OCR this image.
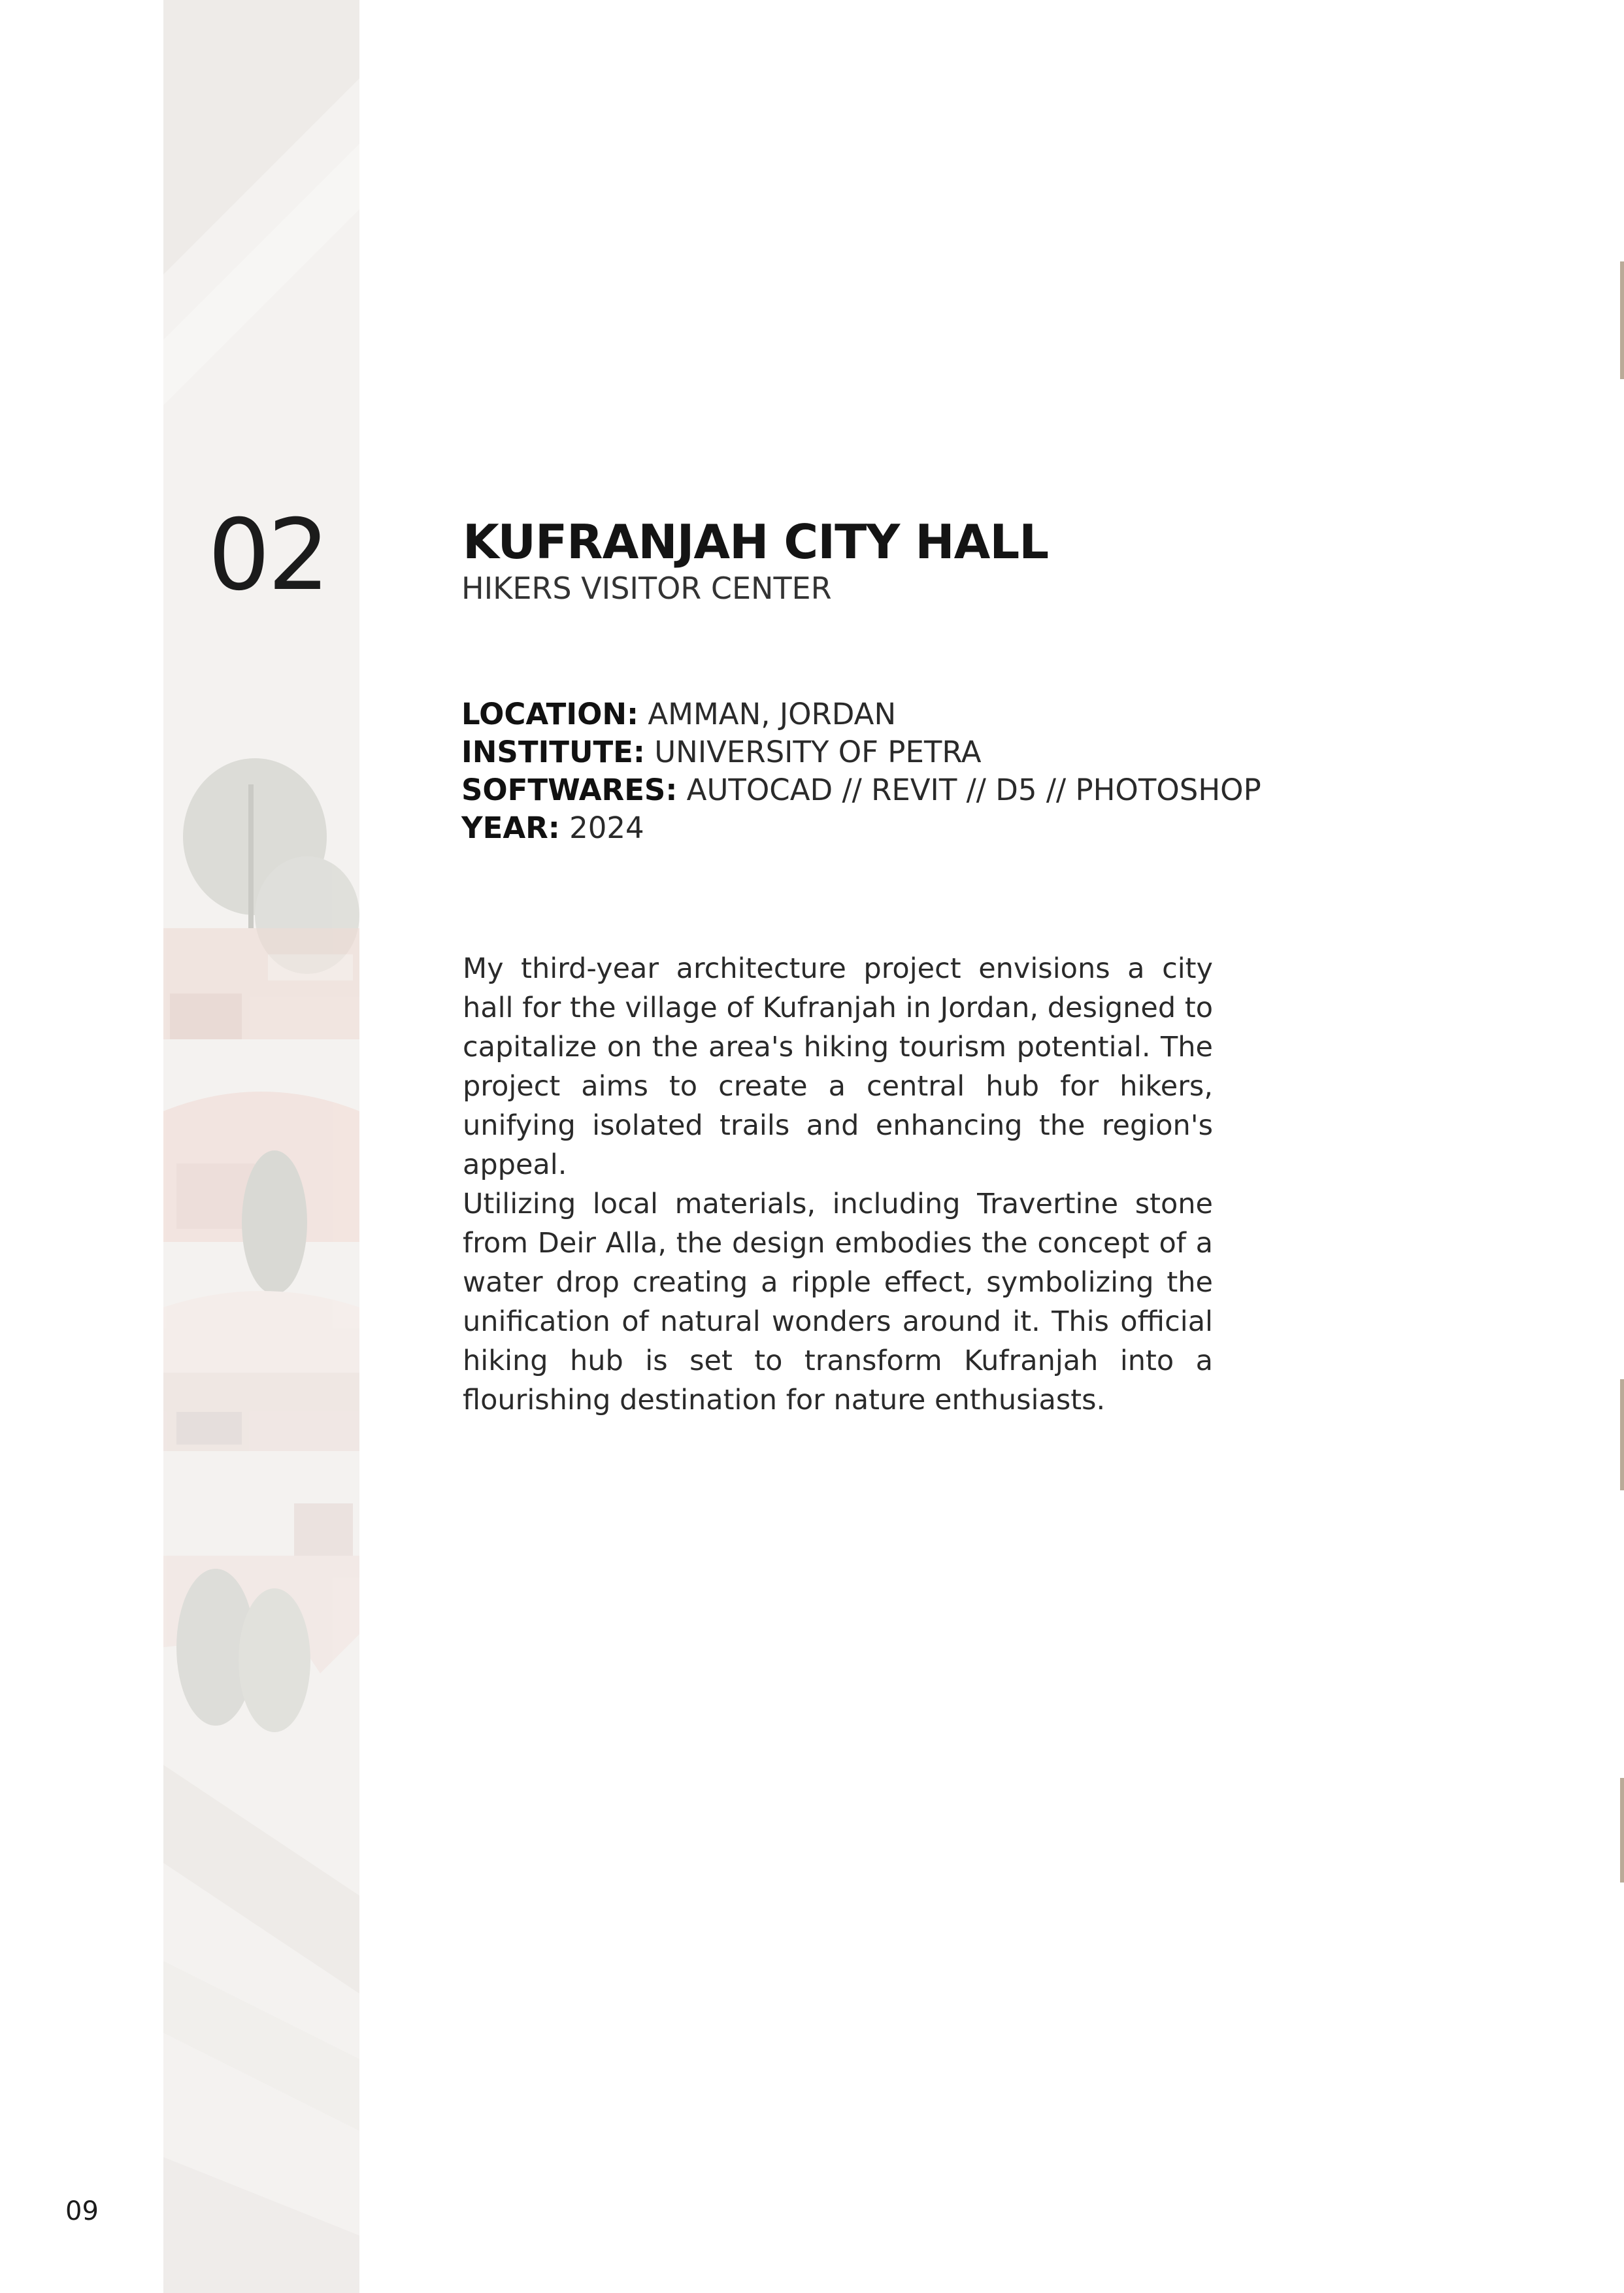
02	KUFRANJAH CITY HALL
HIKERS VISITOR CENTER
LOCATION: AMMAN, JORDAN
INSTITUTE: UNIVERSITY OF PETRA
SOFTWARES: AUTOCAD // REVIT // D5 // PHOTOSHOP
YEAR: 2024

My third-year architecture project envisions a city hall for the village of Kufranjah in Jordan, designed to capitalize on the area's hiking tourism potential. The project aims to create a central hub for hikers, unifying isolated trails and enhancing the region's appeal.

Utilizing local materials, including Travertine stone from Deir Alla, the design embodies the concept of a water drop creating a ripple effect, symbolizing the unification of natural wonders around it. This official hiking hub is set to transform Kufranjah into a flourishing destination for nature enthusiasts.

09
